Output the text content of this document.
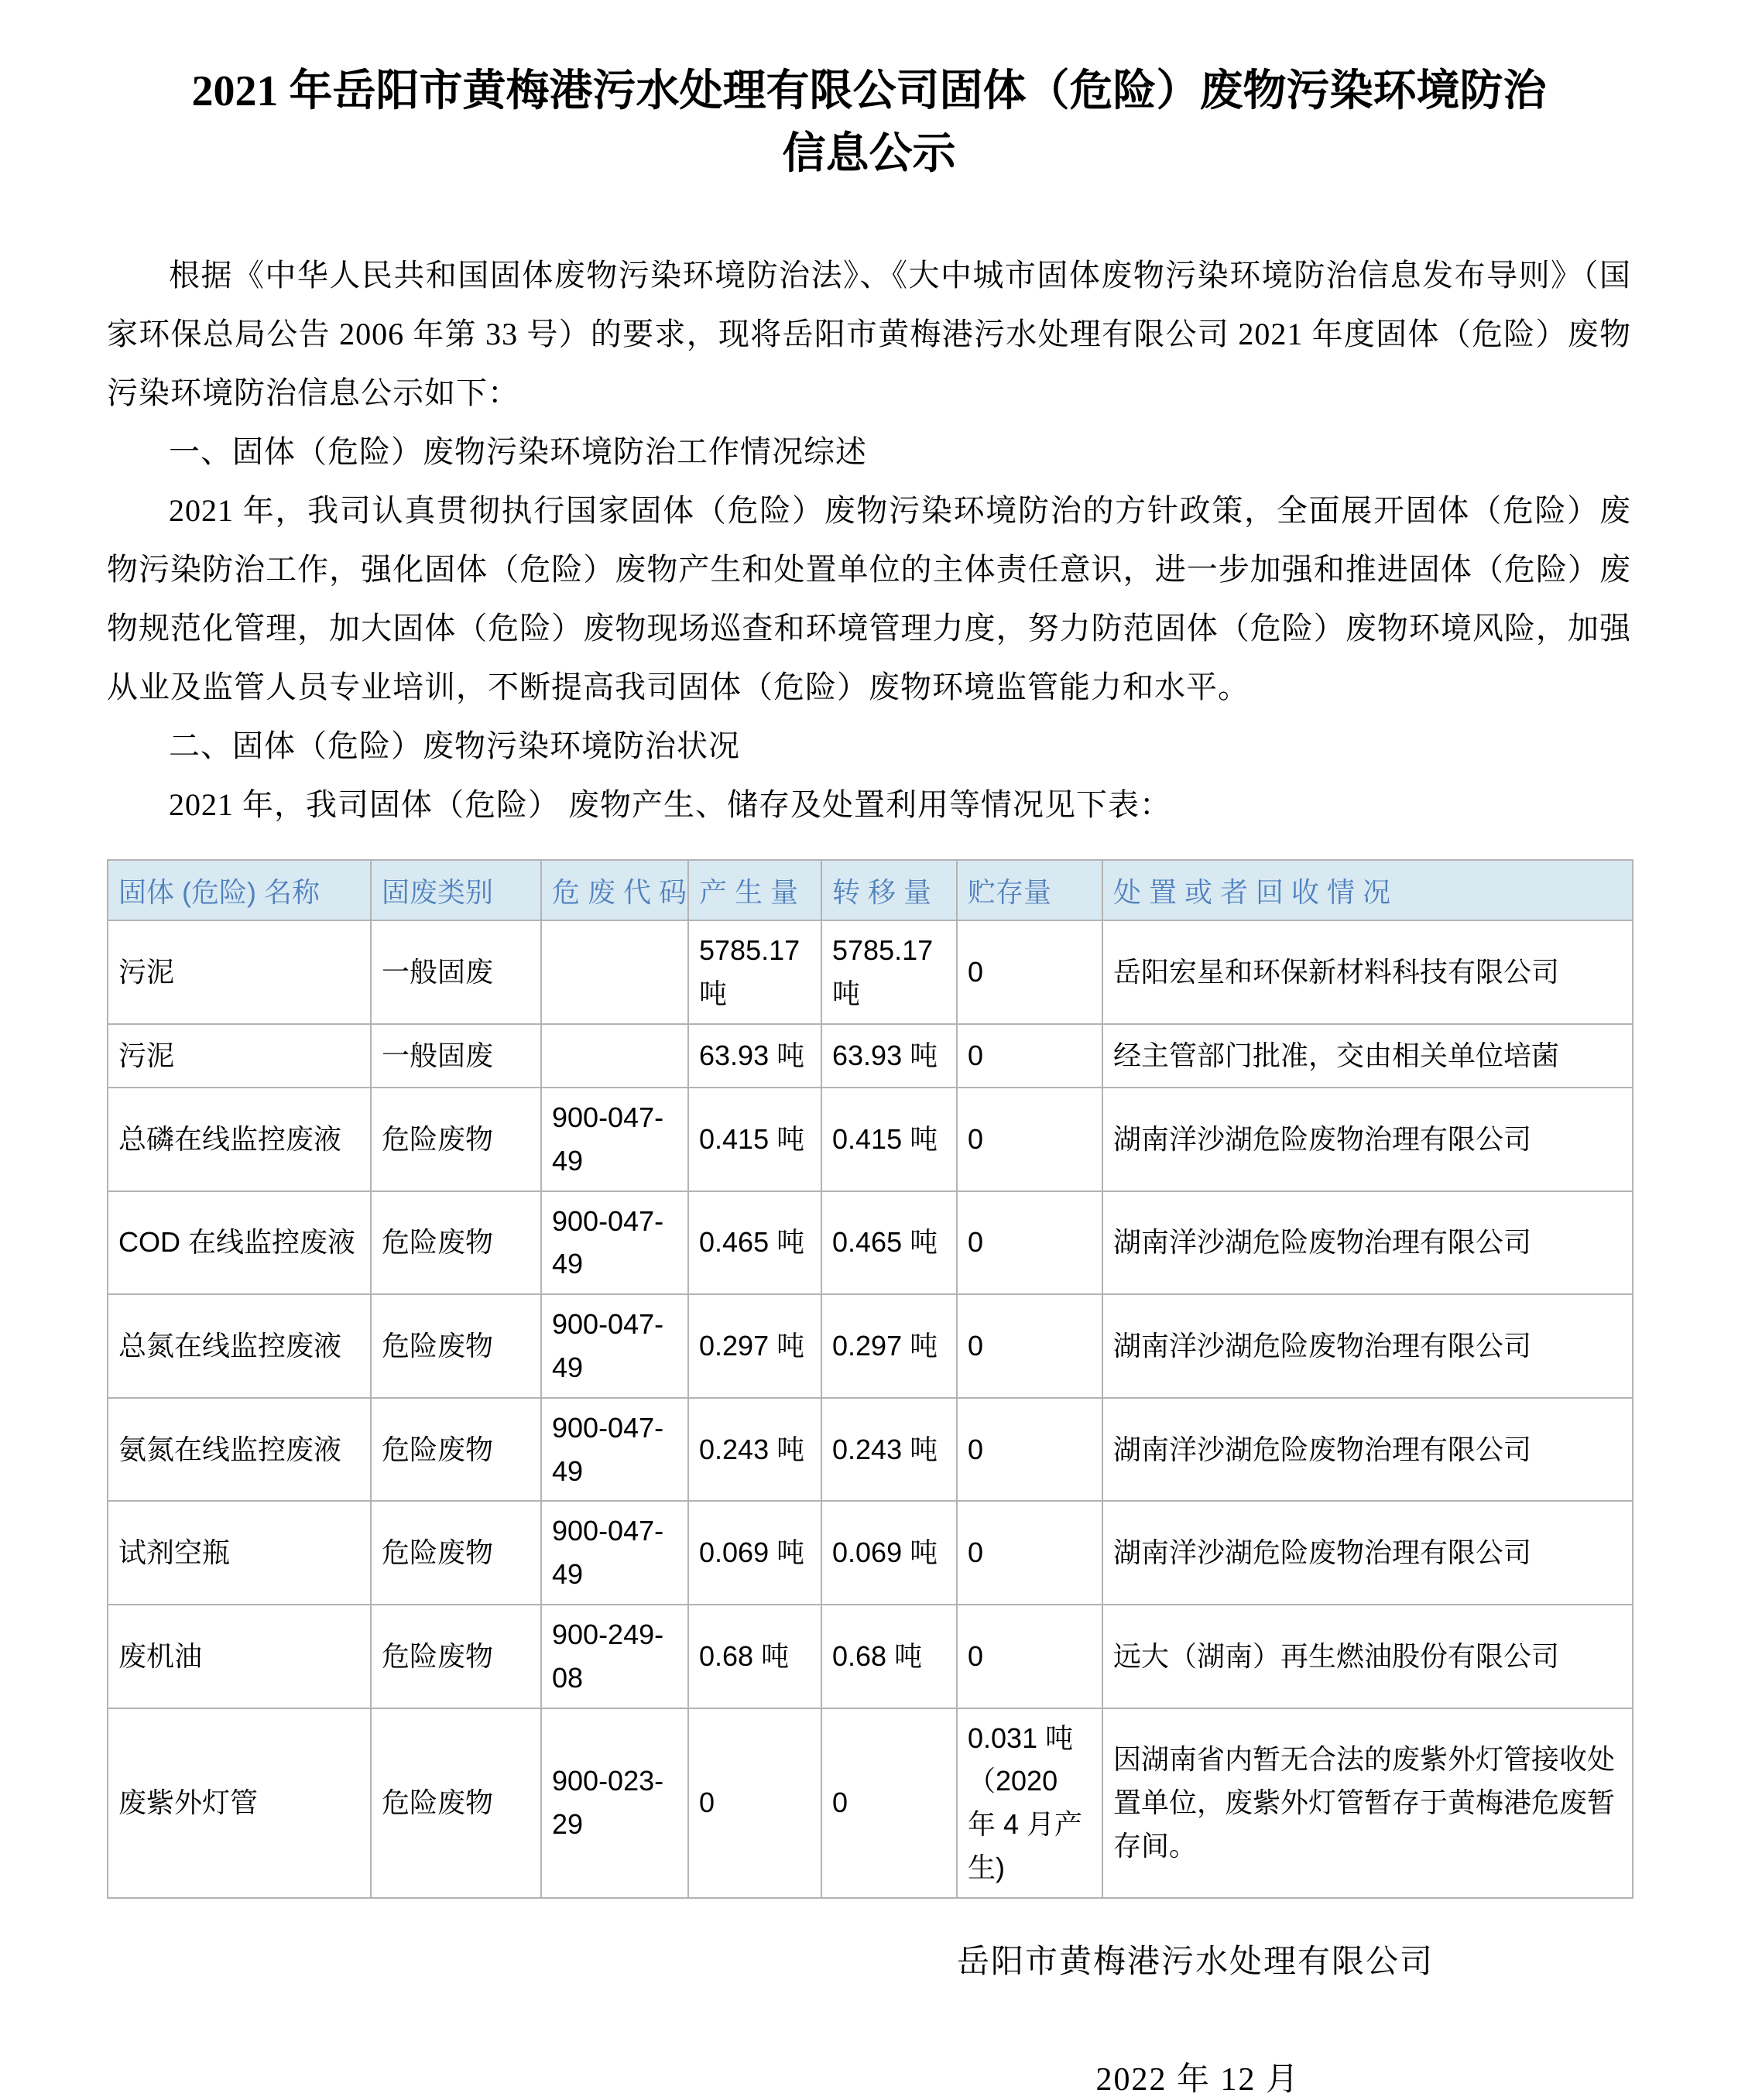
2021 年岳阳市黄梅港污水处理有限公司固体（危险）废物污染环境防治
信息公示

根据《中华人民共和国固体废物污染环境防治法》、《大中城市固体废物污染环境防治信息发布导则》（国家环保总局公告 2006 年第 33 号）的要求，现将岳阳市黄梅港污水处理有限公司 2021 年度固体（危险）废物污染环境防治信息公示如下：

一、固体（危险）废物污染环境防治工作情况综述

2021 年，我司认真贯彻执行国家固体（危险）废物污染环境防治的方针政策，全面展开固体（危险）废物污染防治工作，强化固体（危险）废物产生和处置单位的主体责任意识，进一步加强和推进固体（危险）废物规范化管理，加大固体（危险）废物现场巡查和环境管理力度，努力防范固体（危险）废物环境风险，加强从业及监管人员专业培训，不断提高我司固体（危险）废物环境监管能力和水平。

二、固体（危险）废物污染环境防治状况

2021 年，我司固体（危险） 废物产生、储存及处置利用等情况见下表：

固体 (危险) 名称	固废类别	危 废 代 码	产 生 量	转 移 量	贮存量	处 置 或 者 回 收 情 况
污泥	一般固废		5785.17 吨	5785.17 吨	0	岳阳宏星和环保新材料科技有限公司
污泥	一般固废		63.93 吨	63.93 吨	0	经主管部门批准，交由相关单位培菌
总磷在线监控废液	危险废物	900-047-49	0.415 吨	0.415 吨	0	湖南洋沙湖危险废物治理有限公司
COD 在线监控废液	危险废物	900-047-49	0.465 吨	0.465 吨	0	湖南洋沙湖危险废物治理有限公司
总氮在线监控废液	危险废物	900-047-49	0.297 吨	0.297 吨	0	湖南洋沙湖危险废物治理有限公司
氨氮在线监控废液	危险废物	900-047-49	0.243 吨	0.243 吨	0	湖南洋沙湖危险废物治理有限公司
试剂空瓶	危险废物	900-047-49	0.069 吨	0.069 吨	0	湖南洋沙湖危险废物治理有限公司
废机油	危险废物	900-249-08	0.68 吨	0.68 吨	0	远大（湖南）再生燃油股份有限公司
废紫外灯管	危险废物	900-023-29	0	0	0.031 吨 （2020 年 4 月产生)	因湖南省内暂无合法的废紫外灯管接收处置单位，废紫外灯管暂存于黄梅港危废暂存间。
岳阳市黄梅港污水处理有限公司
2022 年 12 月
